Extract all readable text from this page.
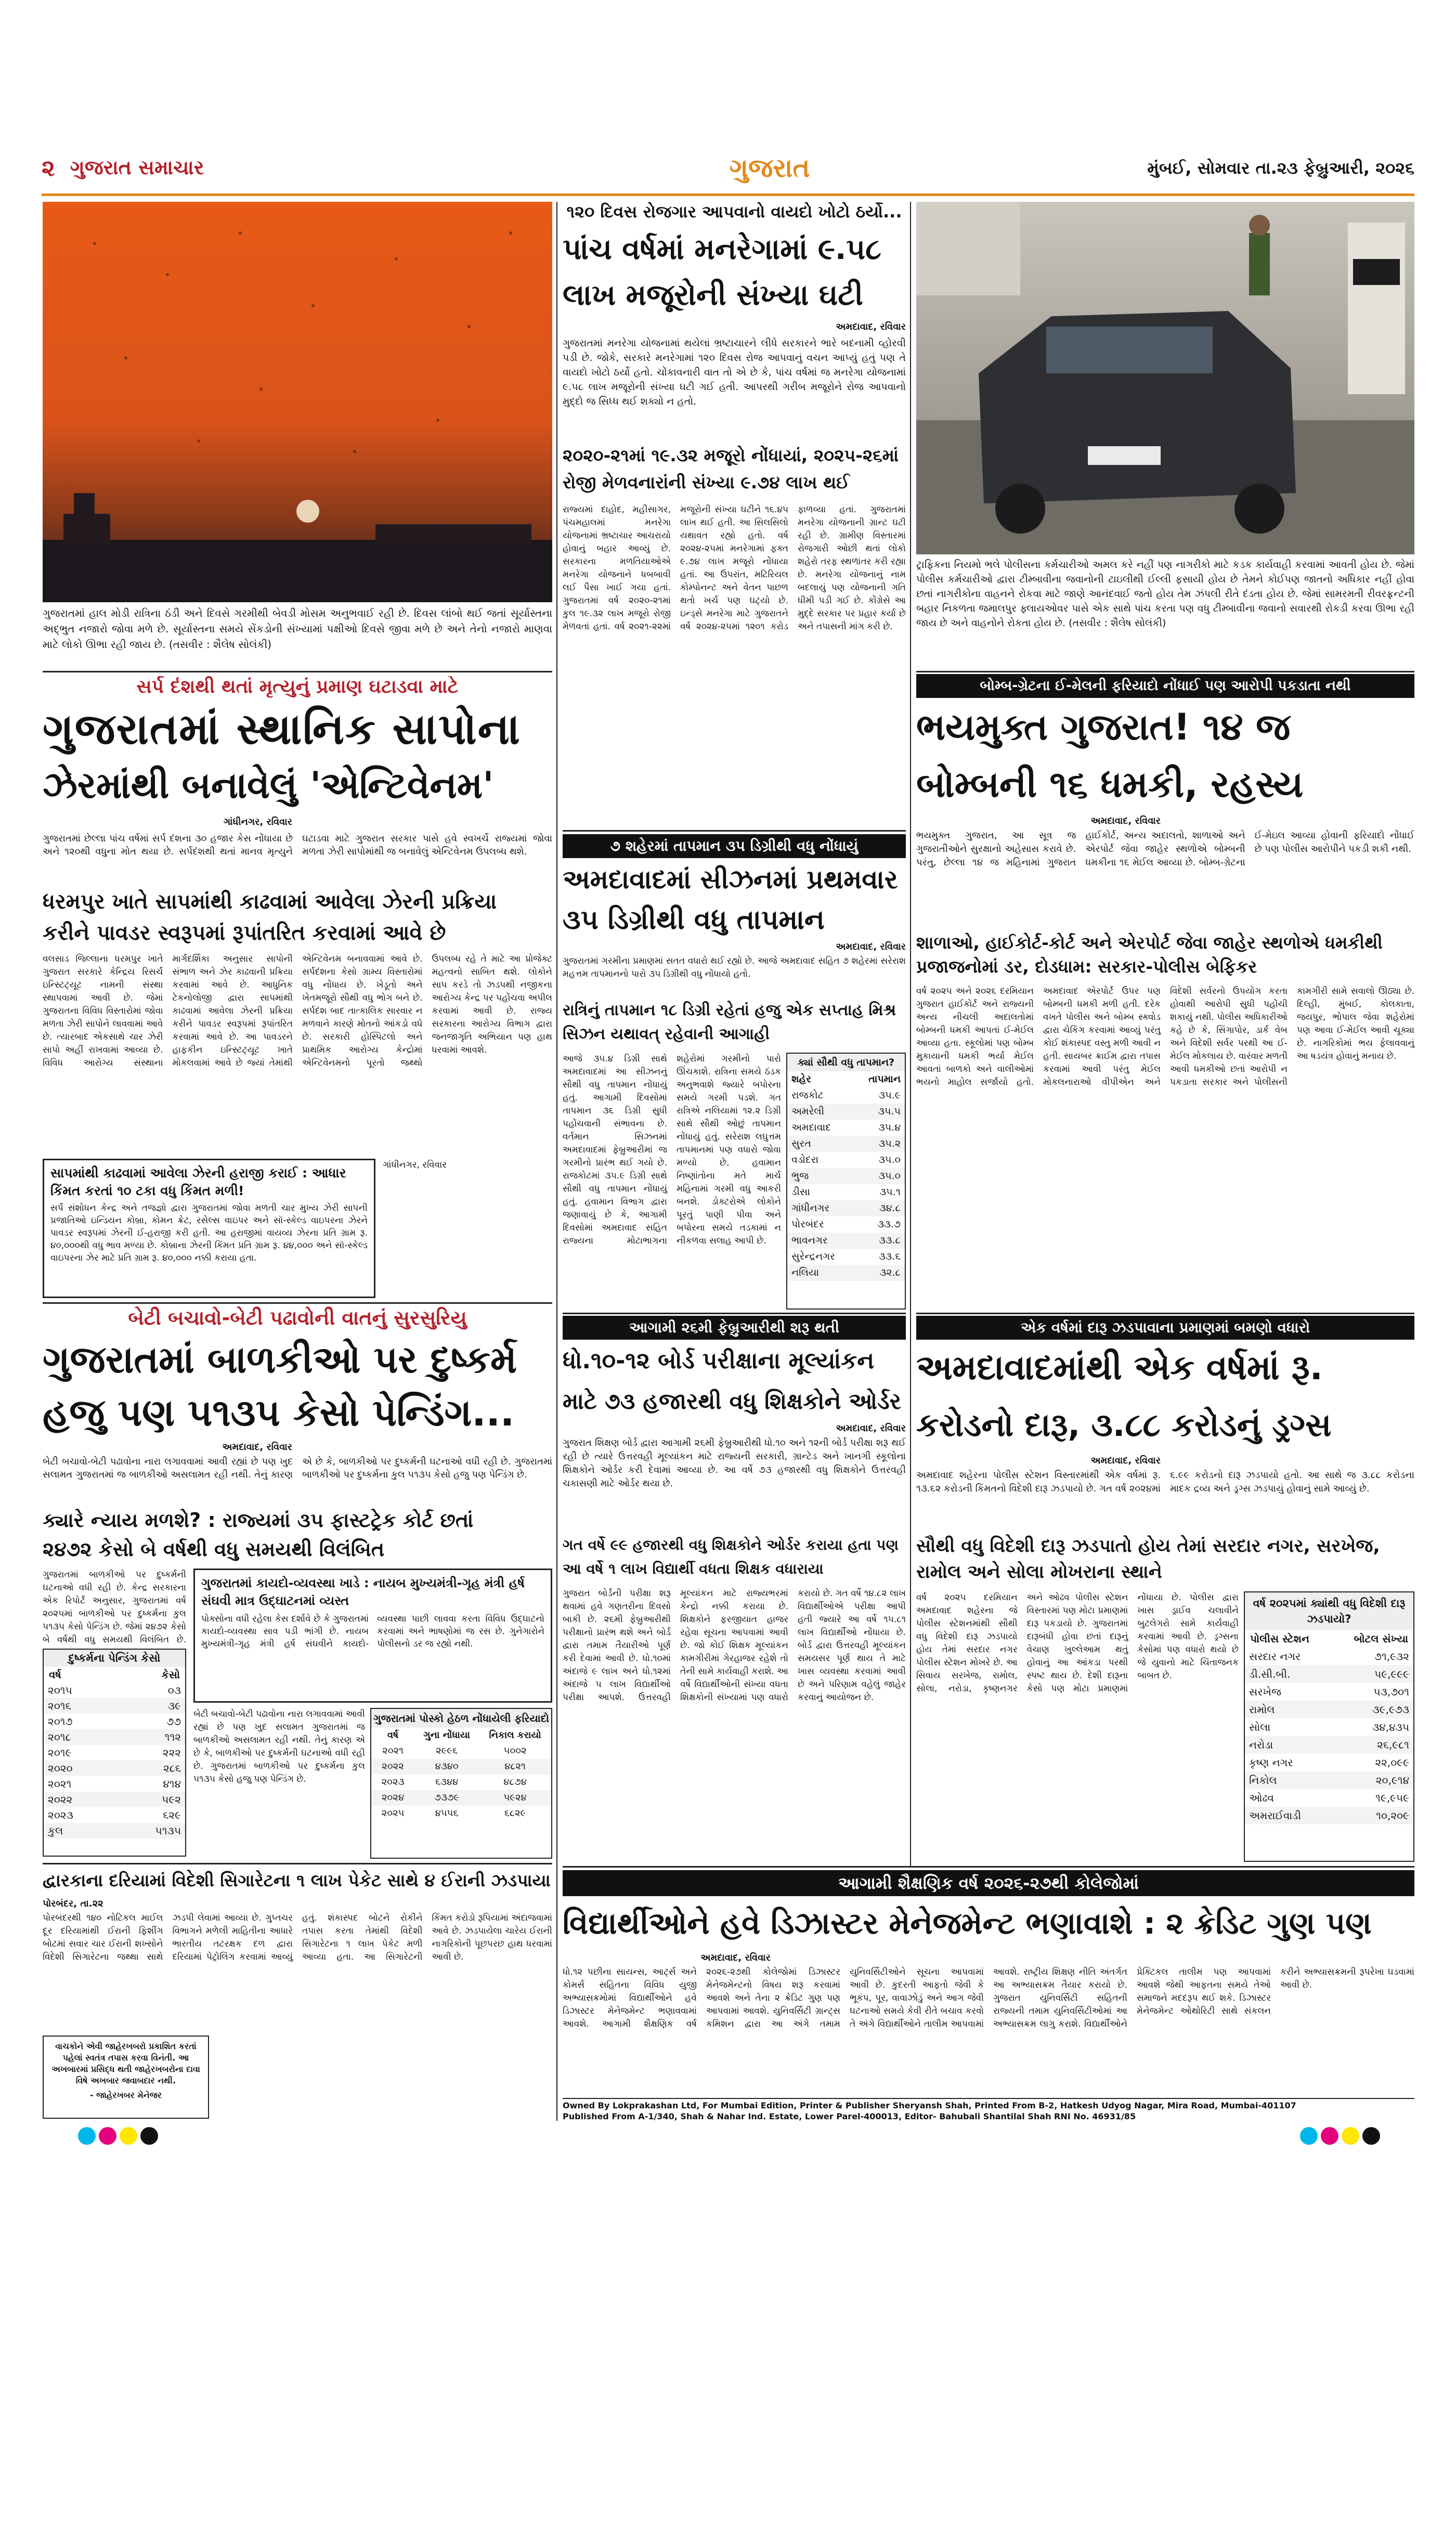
૨ ગુજરાત સમાચાર	ગુજરાત	મુંબઈ, સોમવાર તા.૨૩ ફેબ્રુઆરી, ૨૦૨૬
ગુજરાતમાં હાલ મોડી રાત્રિના ઠંડી અને દિવસે ગરમીથી બેવડી મોસમ અનુભવાઈ રહી છે. દિવસ લાંબો થઈ જતાં સૂર્યાસ્તના અદ્ભુત નજારો જોવા મળે છે. સૂર્યાસ્તના સમયે સેંકડોની સંખ્યામાં પક્ષીઓ દિવસે જીવા મળે છે અને તેનો નજારો માણવા માટે લોકો ઊભા રહી જાય છે. (તસવીર : શૈલેષ સોલંકી)
સર્પ દંશથી થતાં મૃત્યુનું પ્રમાણ ઘટાડવા માટે
ગુજરાતમાં સ્થાનિક સાપોના
ઝેરમાંથી બનાવેલું 'એન્ટિવેનમ'
ગાંધીનગર, રવિવાર
ગુજરાતમાં છેલ્લા પાંચ વર્ષમાં સર્પ દંશના ૩૦ હજાર કેસ નોંધાયા છે અને ૧૨૦થી વધુના મોત થયા છે. સર્પદંશથી થતાં માનવ મૃત્યુને ઘટાડવા માટે ગુજરાત સરકાર પાસે હવે સ્વખર્ચે રાજ્યમાં જોવા મળતા ઝેરી સાપોમાંથી જ બનાવેલું એન્ટિવેનમ ઉપલબ્ધ થશે.
ધરમપુર ખાતે સાપમાંથી કાઢવામાં આવેલા ઝેરની પ્રક્રિયા
કરીને પાવડર સ્વરૂપમાં રૂપાંતરિત કરવામાં આવે છે
વલસાડ જિલ્લાના ધરમપુર ખાતે ગુજરાત સરકારે કેન્દ્રિય રિસર્ચ ઇન્સ્ટિટ્યૂટ નામની સંસ્થા સ્થાપવામાં આવી છે. જેમાં ગુજરાતના વિવિધ વિસ્તારોમાં જોવા મળતા ઝેરી સાપોને લાવવામાં આવે છે. ત્યારબાદ એકસાથે ચાર ઝેરી સાપો અહીં રાખવામાં આવ્યા છે. વિવિધ આરોગ્ય સંસ્થાના માર્ગદર્શિકા અનુસાર સાપોની સંભાળ અને ઝેર કાઢવાની પ્રક્રિયા કરવામાં આવે છે. આધુનિક ટેકનોલોજી દ્વારા સાપમાંથી કાઢવામાં આવેલા ઝેરની પ્રક્રિયા કરીને પાવડર સ્વરૂપમાં રૂપાંતરિત કરવામાં આવે છે. આ પાવડરને હાફકીન ઇન્સ્ટિટ્યૂટ ખાતે મોકલવામાં આવે છે જ્યાં તેમાંથી એન્ટિવેનમ બનાવવામાં આવે છે. સર્પદંશના કેસો ગ્રામ્ય વિસ્તારોમાં વધુ નોંધાય છે. ખેડૂતો અને ખેતમજૂરો સૌથી વધુ ભોગ બને છે. સર્પદંશ બાદ તાત્કાલિક સારવાર ન મળવાને કારણે મોતનો આંકડો વધે છે. સરકારી હોસ્પિટલો અને પ્રાથમિક આરોગ્ય કેન્દ્રોમાં એન્ટિવેનમનો પૂરતો જથ્થો ઉપલબ્ધ રહે તે માટે આ પ્રોજેક્ટ મહત્વનો સાબિત થશે. લોકોને સાપ કરડે તો ઝડપથી નજીકના આરોગ્ય કેન્દ્ર પર પહોંચવા અપીલ કરવામાં આવી છે. રાજ્ય સરકારના આરોગ્ય વિભાગ દ્વારા જનજાગૃતિ અભિયાન પણ હાથ ધરવામાં આવશે.
સાપમાંથી કાઢવામાં આવેલા ઝેરની હરાજી કરાઈ : આધાર કિંમત કરતાં ૧૦ ટકા વધુ કિંમત મળી!
સર્પ સંશોધન કેન્દ્ર અને તજજ્ઞો દ્વારા ગુજરાતમાં જોવા મળતી ચાર મુખ્ય ઝેરી સાપની પ્રજાતિઓ ઇન્ડિયન કોબ્રા, કોમન ક્રેટ, રસેલ્સ વાઇપર અને સૉ-સ્કેલ્ડ વાઇપરના ઝેરને પાવડર સ્વરૂપમાં ઝેરની ઈ-હરાજી કરી હતી. આ હરાજીમાં વાયવ્ય ઝેરના પ્રતિ ગ્રામ રૂ. ૪૦,૦૦૦થી વધુ ભાવ મળ્યા છે. કોબ્રાના ઝેરની કિંમત પ્રતિ ગ્રામ રૂ. ૪૪,૦૦૦ અને સૉ-સ્કેલ્ડ વાઇપરના ઝેર માટે પ્રતિ ગ્રામ રૂ. ૪૦,૦૦૦ નક્કી કરાયા હતા.
ગાંધીનગર, રવિવાર
બેટી બચાવો-બેટી પઢાવોની વાતનું સુરસુરિયુ
ગુજરાતમાં બાળકીઓ પર દુષ્કર્મ
હજુ પણ ૫૧૩૫ કેસો પેન્ડિંગ...
અમદાવાદ, રવિવાર
બેટી બચાવો-બેટી પઢાવોના નારા લગાવવામાં આવી રહ્યાં છે પણ ખુદ સલામત ગુજરાતમાં જ બાળકીઓ અસલામત રહી નથી. તેનું કારણ એ છે કે, બાળકીઓ પર દુષ્કર્મની ઘટનાઓ વધી રહી છે. ગુજરાતમાં બાળકીઓ પર દુષ્કર્મના કુલ ૫૧૩૫ કેસો હજુ પણ પેન્ડિંગ છે.
ક્યારે ન્યાય મળશે? : રાજ્યમાં ૩૫ ફાસ્ટટ્રેક કોર્ટ છતાં
૨૪૭૨ કેસો બે વર્ષથી વધુ સમયથી વિલંબિત
ગુજરાતમાં બાળકીઓ પર દુષ્કર્મની ઘટનાઓ વધી રહી છે. કેન્દ્ર સરકારના એક રિપોર્ટ અનુસાર, ગુજરાતમાં વર્ષ ૨૦૨૫માં બાળકીઓ પર દુષ્કર્મના કુલ ૫૧૩૫ કેસો પેન્ડિંગ છે. જેમાં ૨૪૭૨ કેસો બે વર્ષથી વધુ સમયથી વિલંબિત છે.
દુષ્કર્મના પેન્ડિંગ કેસો
વર્ષ	કેસો
૨૦૧૫	૦૩
૨૦૧૬	૩૯
૨૦૧૭	૭૭
૨૦૧૮	૧૧૨
૨૦૧૯	૨૨૨
૨૦૨૦	૨૮૬
૨૦૨૧	૪૧૪
૨૦૨૨	૫૯૨
૨૦૨૩	૬૨૯
કુલ	૫૧૩૫
ગુજરાતમાં કાયદો-વ્યવસ્થા ખાડે : નાયબ મુખ્યમંત્રી-ગૃહ મંત્રી હર્ષ સંઘવી માત્ર ઉદ્ઘાટનમાં વ્યસ્ત
પોક્સોના વધી રહેલા કેસ દર્શાવે છે કે ગુજરાતમાં કાયદો-વ્યવસ્થા સાવ પડી ભાંગી છે. નાયબ મુખ્યમંત્રી-ગૃહ મંત્રી હર્ષ સંઘવીને કાયદો-વ્યવસ્થા પાછી લાવવા કરતા વિવિધ ઉદ્ઘાટનો કરવામાં અને ભાષણોમાં જ રસ છે. ગુનેગારોને પોલીસનો ડર જ રહ્યો નથી.
બેટી બચાવો-બેટી પઢાવોના નારા લગાવવામાં આવી રહ્યાં છે પણ ખુદ સલામત ગુજરાતમાં જ બાળકીઓ અસલામત રહી નથી. તેનું કારણ એ છે કે, બાળકીઓ પર દુષ્કર્મની ઘટનાઓ વધી રહી છે. ગુજરાતમાં બાળકીઓ પર દુષ્કર્મના કુલ ૫૧૩૫ કેસો હજુ પણ પેન્ડિંગ છે.
ગુજરાતમાં પોસ્કો હેઠળ નોંધાયેલી ફરિયાદો
વર્ષ	ગુના નોંધાયા	નિકાલ કરાયો
૨૦૨૧	૨૯૯૬	૫૦૦૨
૨૦૨૨	૪૩૪૦	૪૮૨૧
૨૦૨૩	૬૩૪૪	૪૮૭૪
૨૦૨૪	૭૩૭૯	૫૯૨૪
૨૦૨૫	૪૫૫૬	૬૮૨૯
દ્વારકાના દરિયામાં વિદેશી સિગારેટના ૧ લાખ પેકેટ સાથે ૪ ઈરાની ઝડપાયા
પોરબંદર, તા.૨૨
પોરબંદરથી ૧૪૦ નોટિકલ માઈલ દૂર દરિયામાંથી ઈરાની ફિશીંગ બોટમાં સવાર ચાર ઈરાની શખ્સોને વિદેશી સિગારેટના જથ્થા સાથે ઝડપી લેવામાં આવ્યા છે. ગુપ્તચર વિભાગને મળેલી માહિતીના આધારે ભારતીય તટરક્ષક દળ દ્વારા દરિયામાં પેટ્રોલિંગ કરવામાં આવ્યું હતું. શંકાસ્પદ બોટને રોકીને તપાસ કરતા તેમાંથી વિદેશી સિગારેટના ૧ લાખ પેકેટ મળી આવ્યા હતા. આ સિગારેટની કિંમત કરોડો રૂપિયામાં અંદાજવામાં આવે છે. ઝડપાયેલા ચારેય ઈરાની નાગરિકોની પૂછપરછ હાથ ધરવામાં આવી છે.
વાચકોને એવી જાહેરખબરો પ્રકાશિત કરતાં પહેલાં સ્વતંત્ર તપાસ કરવા વિનંતી. આ અખબારમાં પ્રસિદ્ધ થતી જાહેરખબરોના દાવા વિષે અખબાર જવાબદાર નથી.
- જાહેરખબર મેનેજર
૧૨૦ દિવસ રોજગાર આપવાનો વાયદો ખોટો ઠર્યો...
પાંચ વર્ષમાં મનરેગામાં ૯.૫૮
લાખ મજૂરોની સંખ્યા ઘટી
અમદાવાદ, રવિવાર
ગુજરાતમાં મનરેગા યોજનામાં થયેલાં ભ્રષ્ટાચારને લીધે સરકારને ભારે બદનામી વ્હોરવી પડી છે. જોકે, સરકારે મનરેગામાં ૧૨૦ દિવસ રોજ આપવાનું વચન આપ્યું હતું પણ તે વાયદો ખોટો ઠર્યો હતો. ચોંકાવનારી વાત તો એ છે કે, પાંચ વર્ષમાં જ મનરેગા યોજનામાં ૯.૫૮ લાખ મજૂરોની સંખ્યા ઘટી ગઈ હતી. આપરથી ગરીબ મજૂરોને રોજ આપવાનો મુદ્દો જ સિધ્ધ થઈ શક્યો ન હતો.
૨૦૨૦-૨૧માં ૧૯.૩૨ મજૂરો નોંધાયાં, ૨૦૨૫-૨૬માં રોજી મેળવનારાંની સંખ્યા ૯.૭૪ લાખ થઈ
રાજ્યમાં દાહોદ, મહીસાગર, પંચમહાલમાં મનરેગા યોજનામાં ભ્રષ્ટાચાર આચરાયો હોવાનું બહાર આવ્યું છે. સરકારના મળતિયાઓએ મનરેગા યોજનાને ધબબાવી લઈ પૈસા ખાઈ ગયા હતાં. ગુજરાતમાં વર્ષ ૨૦૨૦-૨૧માં કુલ ૧૯.૩૨ લાખ મજૂરો રોજી મેળવતાં હતાં. વર્ષ ૨૦૨૧-૨૨માં મજૂરોની સંખ્યા ઘટીને ૧૬.૪૫ લાખ થઈ હતી. આ સિલસિલો યથાવત રહ્યો હતો. વર્ષ ૨૦૨૪-૨૫માં મનરેગામાં ફક્ત ૯.૭૪ લાખ મજૂરો નોંધાયા હતાં. આ ઉપરાંત, મટિરિયલ કોમ્પોનન્ટ અને વેતન પાછળ થતો ખર્ચ પણ ઘટ્યો છે. ઇન્ડ્સે મનરેગા માટે ગુજરાતને વર્ષ ૨૦૨૪-૨૫માં ૧૨૦૧ કરોડ ફાળવ્યા હતાં. ગુજરાતમાં મનરેગા યોજનાની ગ્રાન્ટ ઘટી રહી છે. ગ્રામીણ વિસ્તારમાં રોજગારી ઓછી થતાં લોકો શહેરો તરફ સ્થળાંતર કરી રહ્યા છે. મનરેગા યોજનાનું નામ બદલાયું પણ યોજનાની ગતિ ધીમી પડી ગઈ છે. કોંગ્રેસે આ મુદ્દે સરકાર પર પ્રહાર કર્યા છે અને તપાસની માંગ કરી છે.
૭ શહેરમાં તાપમાન ૩૫ ડિગ્રીથી વધુ નોંધાયું
અમદાવાદમાં સીઝનમાં પ્રથમવાર
૩૫ ડિગ્રીથી વધુ તાપમાન
અમદાવાદ, રવિવાર
ગુજરાતમાં ગરમીના પ્રમાણમાં સતત વધારો થઈ રહ્યો છે. આજે અમદાવાદ સહિત ૭ શહેરમાં સરેરાશ મહત્તમ તાપમાનનો પારો ૩૫ ડિગ્રીથી વધુ નોંધાયો હતો.
રાત્રિનું તાપમાન ૧૮ ડિગ્રી રહેતાં હજુ એક સપ્તાહ મિશ્ર સિઝન યથાવત્ રહેવાની આગાહી
આજે ૩૫.૪ ડિગ્રી સાથે અમદાવાદમાં આ સીઝનનું સૌથી વધુ તાપમાન નોંધાયું હતું. આગામી દિવસોમાં તાપમાન ૩૬ ડિગ્રી સુધી પહોંચવાની સંભાવના છે. વર્તમાન સિઝનમાં અમદાવાદમાં ફેબ્રુઆરીમાં જ ગરમીનો પ્રારંભ થઈ ગયો છે. રાજકોટમાં ૩૫.૯ ડિગ્રી સાથે સૌથી વધુ તાપમાન નોંધાયું હતું. હવામાન વિભાગ દ્વારા જણાવાયું છે કે, આગામી દિવસોમાં અમદાવાદ સહિત રાજ્યના મોટાભાગના શહેરોમાં ગરમીનો પારો ઊંચકાશે. રાત્રિના સમયે ઠંડક અનુભવાશે જ્યારે બપોરના સમયે ગરમી પડશે. ગત રાત્રિએ નલિયામાં ૧૨.૨ ડિગ્રી સાથે સૌથી ઓછું તાપમાન નોંધાયું હતું. સરેરાશ લઘુત્તમ તાપમાનમાં પણ વધારો જોવા મળ્યો છે. હવામાન નિષ્ણાંતોના મતે માર્ચ મહિનામાં ગરમી વધુ આકરી બનશે. ડોક્ટરોએ લોકોને પૂરતું પાણી પીવા અને બપોરના સમયે તડકામાં ન નીકળવા સલાહ આપી છે.
ક્યાં સૌથી વધુ તાપમાન?
શહેર	તાપમાન
રાજકોટ	૩૫.૯
અમરેલી	૩૫.૫
અમદાવાદ	૩૫.૪
સુરત	૩૫.૨
વડોદરા	૩૫.૦
ભુજ	૩૫.૦
ડીસા	૩૫.૧
ગાંધીનગર	૩૪.૮
પોરબંદર	૩૩.૭
ભાવનગર	૩૩.૮
સુરેન્દ્રનગર	૩૩.૬
નલિયા	૩૨.૮
આગામી ૨૬મી ફેબ્રુઆરીથી શરૂ થતી
ધો.૧૦-૧૨ બોર્ડ પરીક્ષાના મૂલ્યાંકન
માટે ૭૩ હજારથી વધુ શિક્ષકોને ઓર્ડર
અમદાવાદ, રવિવાર
ગુજરાત શિક્ષણ બોર્ડ દ્વારા આગામી ૨૬મી ફેબ્રુઆરીથી ધો.૧૦ અને ૧૨ની બોર્ડ પરીક્ષા શરૂ થઈ રહી છે ત્યારે ઉત્તરવહી મૂલ્યાંકન માટે રાજ્યની સરકારી, ગ્રાન્ટેડ અને ખાનગી સ્કૂલોના શિક્ષકોને ઓર્ડર કરી દેવામાં આવ્યા છે. આ વર્ષે ૭૩ હજારથી વધુ શિક્ષકોને ઉત્તરવહી ચકાસણી માટે ઓર્ડર થયા છે.
ગત વર્ષે ૯૯ હજારથી વધુ શિક્ષકોને ઓર્ડર કરાયા હતા પણ આ વર્ષે ૧ લાખ વિદ્યાર્થી વધતા શિક્ષક વધારાયા
ગુજરાત બોર્ડની પરીક્ષા શરૂ થવામાં હવે ગણતરીના દિવસો બાકી છે. ૨૬મી ફેબ્રુઆરીથી પરીક્ષાનો પ્રારંભ થશે અને બોર્ડ દ્વારા તમામ તૈયારીઓ પૂર્ણ કરી દેવામાં આવી છે. ધો.૧૦માં અંદાજે ૯ લાખ અને ધો.૧૨માં અંદાજે ૫ લાખ વિદ્યાર્થીઓ પરીક્ષા આપશે. ઉત્તરવહી મૂલ્યાંકન માટે રાજ્યભરમાં કેન્દ્રો નક્કી કરાયા છે. શિક્ષકોને ફરજીયાત હાજર રહેવા સૂચના આપવામાં આવી છે. જો કોઈ શિક્ષક મૂલ્યાંકન કામગીરીમાં ગેરહાજર રહેશે તો તેની સામે કાર્યવાહી કરાશે. આ વર્ષે વિદ્યાર્થીઓની સંખ્યા વધતા શિક્ષકોની સંખ્યામાં પણ વધારો કરાયો છે. ગત વર્ષે ૧૪.૮૨ લાખ વિદ્યાર્થીઓએ પરીક્ષા આપી હતી જ્યારે આ વર્ષે ૧૫.૮૧ લાખ વિદ્યાર્થીઓ નોંધાયા છે. બોર્ડ દ્વારા ઉત્તરવહી મૂલ્યાંકન સમયસર પૂર્ણ થાય તે માટે ખાસ વ્યવસ્થા કરવામાં આવી છે અને પરિણામ વહેલું જાહેર કરવાનું આયોજન છે.
ટ્રાફિકના નિયમો ભલે પોલીસના કર્મચારીઓ અમલ કરે નહીં પણ નાગરીકો માટે કડક કાર્યવાહી કરવામાં આવતી હોય છે. જેમાં પોલીસ કર્મચારીઓ દ્વારા ટીમ્બાવીના જવાનોની ટાઇલીથી ઈલ્લી ફસાયી હોય છે તેમને કોઈપણ જાતનો અધિકાર નહીં હોવા છતાં નાગરીકોના વાહનને રોકવા માટે જાણે આનંદવાઈ જતો હોય તેમ ઝંપલી રીતે દંડતા હોય છે. જેમાં સામરમતી રીવરફ્રન્ટની બહાર નિકળતા જમાલપુર ફ્લાયઓવર પાસે એક સાથે પાંચ કરતા પણ વધુ ટીમ્બાવીના જવાનો સવારથી રોકડી કરવા ઊભા રહી જાય છે અને વાહનોને રોકતા હોય છે. (તસવીર : શૈલેષ સોલંકી)
બોમ્બ-ગ્રેટના ઈ-મેલની ફરિયાદો નોંધાઈ પણ આરોપી પકડાતા નથી
ભયમુક્ત ગુજરાત! ૧૪ જ
બોમ્બની ૧૬ ધમકી, રહસ્ય
અમદાવાદ, રવિવાર
ભયમુક્ત ગુજરાત, આ સૂત્ર જ ગુજરાતીઓને સુરક્ષાનો અહેસાસ કરાવે છે. પરંતુ, છેલ્લા ૧૪ જ મહિનામાં ગુજરાત હાઈકોર્ટ, અન્ય અદાલતો, શાળાઓ અને એરપોર્ટ જેવા જાહેર સ્થળોએ બોમ્બની ધમકીના ૧૬ મેઈલ આવ્યા છે. બોમ્બ-ગ્રેટના ઈ-મેઇલ આવ્યા હોવાની ફરિયાદો નોંધાઈ છે પણ પોલીસ આરોપીને પકડી શકી નથી.
શાળાઓ, હાઈકોર્ટ-કોર્ટ અને એરપોર્ટ જેવા જાહેર સ્થળોએ ધમકીથી પ્રજાજનોમાં ડર, દોડધામ: સરકાર-પોલીસ બેફિકર
વર્ષ ૨૦૨૫ અને ૨૦૨૬ દરમિયાન ગુજરાત હાઈકોર્ટ અને રાજ્યની અન્ય નીચલી અદાલતોમાં બોમ્બની ધમકી આપતાં ઈ-મેઈલ આવ્યા હતા. સ્કૂલોમાં પણ બોમ્બ મુકાયાની ધમકી ભર્યા મેઈલ આવતાં બાળકો અને વાલીઓમાં ભયનો માહોલ સર્જાયો હતો. અમદાવાદ એરપોર્ટ ઉપર પણ બોમ્બની ધમકી મળી હતી. દરેક વખતે પોલીસ અને બોમ્બ સ્ક્વોડ દ્વારા ચેકિંગ કરવામાં આવ્યું પરંતુ કોઈ શંકાસ્પદ વસ્તુ મળી આવી ન હતી. સાયબર ક્રાઈમ દ્વારા તપાસ કરવામાં આવી પરંતુ મેઈલ મોકલનારાઓ વીપીએન અને વિદેશી સર્વરનો ઉપયોગ કરતા હોવાથી આરોપી સુધી પહોંચી શકાયું નથી. પોલીસ અધિકારીઓ કહે છે કે, સિંગાપોર, ડાર્ક વેબ અને વિદેશી સર્વર પરથી આ ઈ-મેઈલ મોકલાય છે. વારંવાર મળતી આવી ધમકીઓ છતાં આરોપી ન પકડાતા સરકાર અને પોલીસની કામગીરી સામે સવાલો ઊઠ્યા છે. દિલ્હી, મુંબઈ, કોલકાતા, જયપુર, ભોપાલ જેવા શહેરોમાં પણ આવા ઈ-મેઈલ આવી ચૂક્યા છે. નાગરિકોમાં ભય ફેલાવવાનું આ ષડયંત્ર હોવાનું મનાય છે.
એક વર્ષમાં દારૂ ઝડપાવાના પ્રમાણમાં બમણો વધારો
અમદાવાદમાંથી એક વર્ષમાં રૂ.
કરોડનો દારૂ, ૩.૮૮ કરોડનું ડ્રગ્સ
અમદાવાદ, રવિવાર
અમદાવાદ શહેરના પોલીસ સ્ટેશન વિસ્તારમાંથી એક વર્ષમાં રૂ. ૧૩.૬૨ કરોડની કિંમતનો વિદેશી દારૂ ઝડપાયો છે. ગત વર્ષ ૨૦૨૪માં ૬.૯૯ કરોડનો દારૂ ઝડપાયો હતો. આ સાથે જ ૩.૮૮ કરોડના માદક દ્રવ્ય અને ડ્રગ્સ ઝડપાયું હોવાનું સામે આવ્યું છે.
સૌથી વધુ વિદેશી દારૂ ઝડપાતો હોય તેમાં સરદાર નગર, સરખેજ, રામોલ અને સોલા મોખરાના સ્થાને
વર્ષ ૨૦૨૫ દરમિયાન અમદાવાદ શહેરના જે પોલીસ સ્ટેશનમાંથી સૌથી વધુ વિદેશી દારૂ ઝડપાયો હોય તેમાં સરદાર નગર પોલીસ સ્ટેશન મોખરે છે. આ સિવાય સરખેજ, રામોલ, સોલા, નરોડા, કૃષ્ણનગર અને ઓઢવ પોલીસ સ્ટેશન વિસ્તારમાં પણ મોટા પ્રમાણમાં દારૂ પકડાયો છે. ગુજરાતમાં દારૂબંધી હોવા છતાં દારૂનું વેચાણ ખુલ્લેઆમ થતું હોવાનું આ આંકડા પરથી સ્પષ્ટ થાય છે. દેશી દારૂના કેસો પણ મોટા પ્રમાણમાં નોંધાયા છે. પોલીસ દ્વારા ખાસ ડ્રાઈવ ચલાવીને બુટલેગરો સામે કાર્યવાહી કરવામાં આવી છે. ડ્રગ્સના કેસોમાં પણ વધારો થયો છે જે યુવાનો માટે ચિંતાજનક બાબત છે.
વર્ષ ૨૦૨૫માં ક્યાંથી વધુ વિદેશી દારૂ ઝડપાયો?
પોલીસ સ્ટેશન	બોટલ સંખ્યા
સરદાર નગર	૭૧,૯૩૨
ડી.સી.બી.	૫૯,૯૯૯
સરખેજ	૫૩,૭૦૧
રામોલ	૩૯,૯૭૩
સોલા	૩૪,૪૩૫
નરોડા	૨૬,૯૮૧
કૃષ્ણ નગર	૨૨,૦૯૯
નિકોલ	૨૦,૯૧૪
ઓઢવ	૧૯,૯૫૯
અમરાઈવાડી	૧૦,૨૦૯
આગામી શૈક્ષણિક વર્ષ ૨૦૨૬-૨૭થી કોલેજોમાં
વિદ્યાર્થીઓને હવે ડિઝાસ્ટર મેનેજમેન્ટ ભણાવાશે : ૨ ક્રેડિટ ગુણ પણ
અમદાવાદ, રવિવાર
ધો.૧૨ પછીના સાયન્સ, આર્ટ્સ અને કોમર્સ સહિતના વિવિધ યુજી અભ્યાસક્રમોમાં વિદ્યાર્થીઓને હવે ડિઝાસ્ટર મેનેજમેન્ટ ભણાવવામાં આવશે. આગામી શૈક્ષણિક વર્ષ ૨૦૨૬-૨૭થી કોલેજોમાં ડિઝાસ્ટર મેનેજમેન્ટનો વિષય શરૂ કરવામાં આવશે અને તેના ૨ ક્રેડિટ ગુણ પણ આપવામાં આવશે. યુનિવર્સિટી ગ્રાન્ટ્સ કમિશન દ્વારા આ અંગે તમામ યુનિવર્સિટીઓને સૂચના આપવામાં આવી છે. કુદરતી આફતો જેવી કે ભૂકંપ, પૂર, વાવાઝોડું અને આગ જેવી ઘટનાઓ સમયે કેવી રીતે બચાવ કરવો તે અંગે વિદ્યાર્થીઓને તાલીમ આપવામાં આવશે. રાષ્ટ્રીય શિક્ષણ નીતિ અંતર્ગત આ અભ્યાસક્રમ તૈયાર કરાયો છે. ગુજરાત યુનિવર્સિટી સહિતની રાજ્યની તમામ યુનિવર્સિટીઓમાં આ અભ્યાસક્રમ લાગુ કરાશે. વિદ્યાર્થીઓને પ્રેક્ટિકલ તાલીમ પણ આપવામાં આવશે જેથી આફતના સમયે તેઓ સમાજને મદદરૂપ થઈ શકે. ડિઝાસ્ટર મેનેજમેન્ટ ઓથોરિટી સાથે સંકલન કરીને અભ્યાસક્રમની રૂપરેખા ઘડવામાં આવી છે.
Owned By Lokprakashan Ltd, For Mumbai Edition, Printer & Publisher Sheryansh Shah, Printed From B-2, Hatkesh Udyog Nagar, Mira Road, Mumbai-401107
Published From A-1/340, Shah & Nahar Ind. Estate, Lower Parel-400013, Editor- Bahubali Shantilal Shah RNI No. 46931/85
